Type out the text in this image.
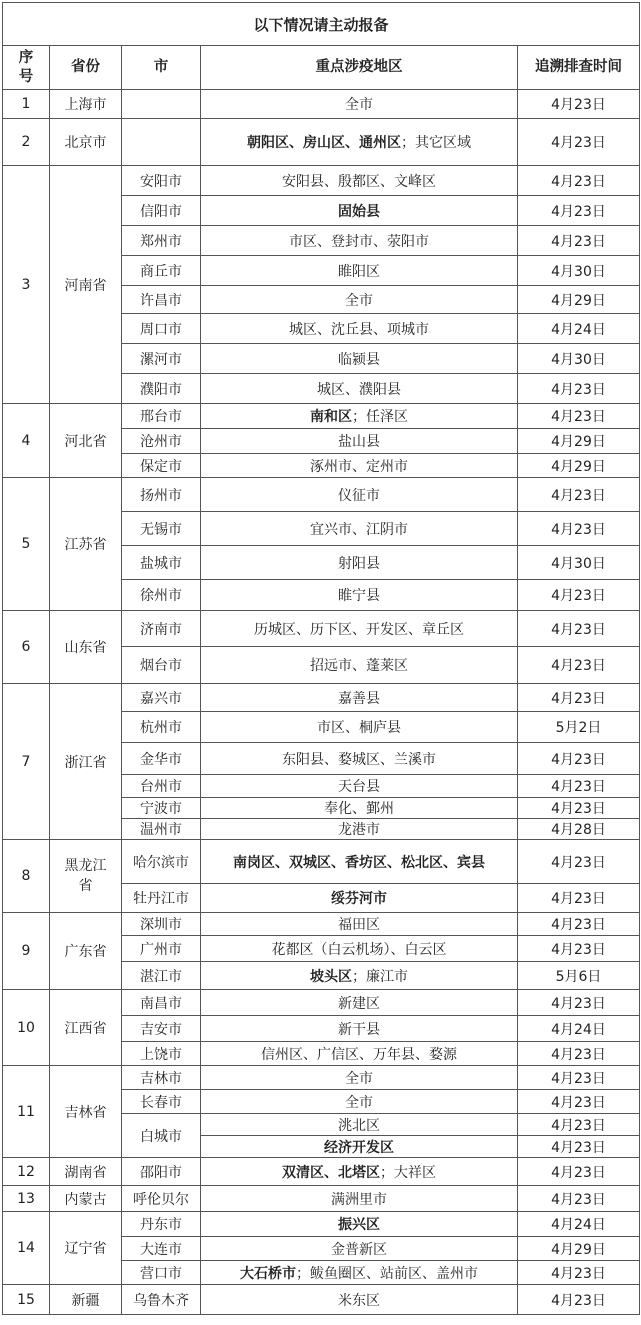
以下情况请主动报备				
序号	省份	市	重点涉疫地区	追溯排查时间
1	上海市		全市	4月23日
2	北京市		朝阳区、房山区、通州区；其它区域	4月23日
3	河南省	安阳市	安阳县、殷都区、文峰区	4月23日
		信阳市	固始县	4月23日
		郑州市	市区、登封市、荥阳市	4月23日
		商丘市	睢阳区	4月30日
		许昌市	全市	4月29日
		周口市	城区、沈丘县、项城市	4月24日
		漯河市	临颍县	4月30日
		濮阳市	城区、濮阳县	4月23日
4	河北省	邢台市	南和区；任泽区	4月23日
		沧州市	盐山县	4月29日
		保定市	涿州市、定州市	4月29日
5	江苏省	扬州市	仪征市	4月23日
		无锡市	宜兴市、江阴市	4月23日
		盐城市	射阳县	4月30日
		徐州市	睢宁县	4月23日
6	山东省	济南市	历城区、历下区、开发区、章丘区	4月23日
		烟台市	招远市、蓬莱区	4月23日
7	浙江省	嘉兴市	嘉善县	4月23日
		杭州市	市区、桐庐县	5月2日
		金华市	东阳县、婺城区、兰溪市	4月23日
		台州市	天台县	4月23日
		宁波市	奉化、鄞州	4月23日
		温州市	龙港市	4月28日
8	黑龙江省	哈尔滨市	南岗区、双城区、香坊区、松北区、宾县	4月23日
		牡丹江市	绥芬河市	4月23日
9	广东省	深圳市	福田区	4月23日
		广州市	花都区（白云机场）、白云区	4月23日
		湛江市	坡头区；廉江市	5月6日
10	江西省	南昌市	新建区	4月23日
		吉安市	新干县	4月24日
		上饶市	信州区、广信区、万年县、婺源	4月23日
11	吉林省	吉林市	全市	4月23日
		长春市	全市	4月23日
		白城市	洮北区	4月23日
			经济开发区	4月23日
12	湖南省	邵阳市	双清区、北塔区；大祥区	4月23日
13	内蒙古	呼伦贝尔	满洲里市	4月23日
14	辽宁省	丹东市	振兴区	4月24日
		大连市	金普新区	4月29日
		营口市	大石桥市；鲅鱼圈区、站前区、盖州市	4月23日
15	新疆	乌鲁木齐	米东区	4月23日
